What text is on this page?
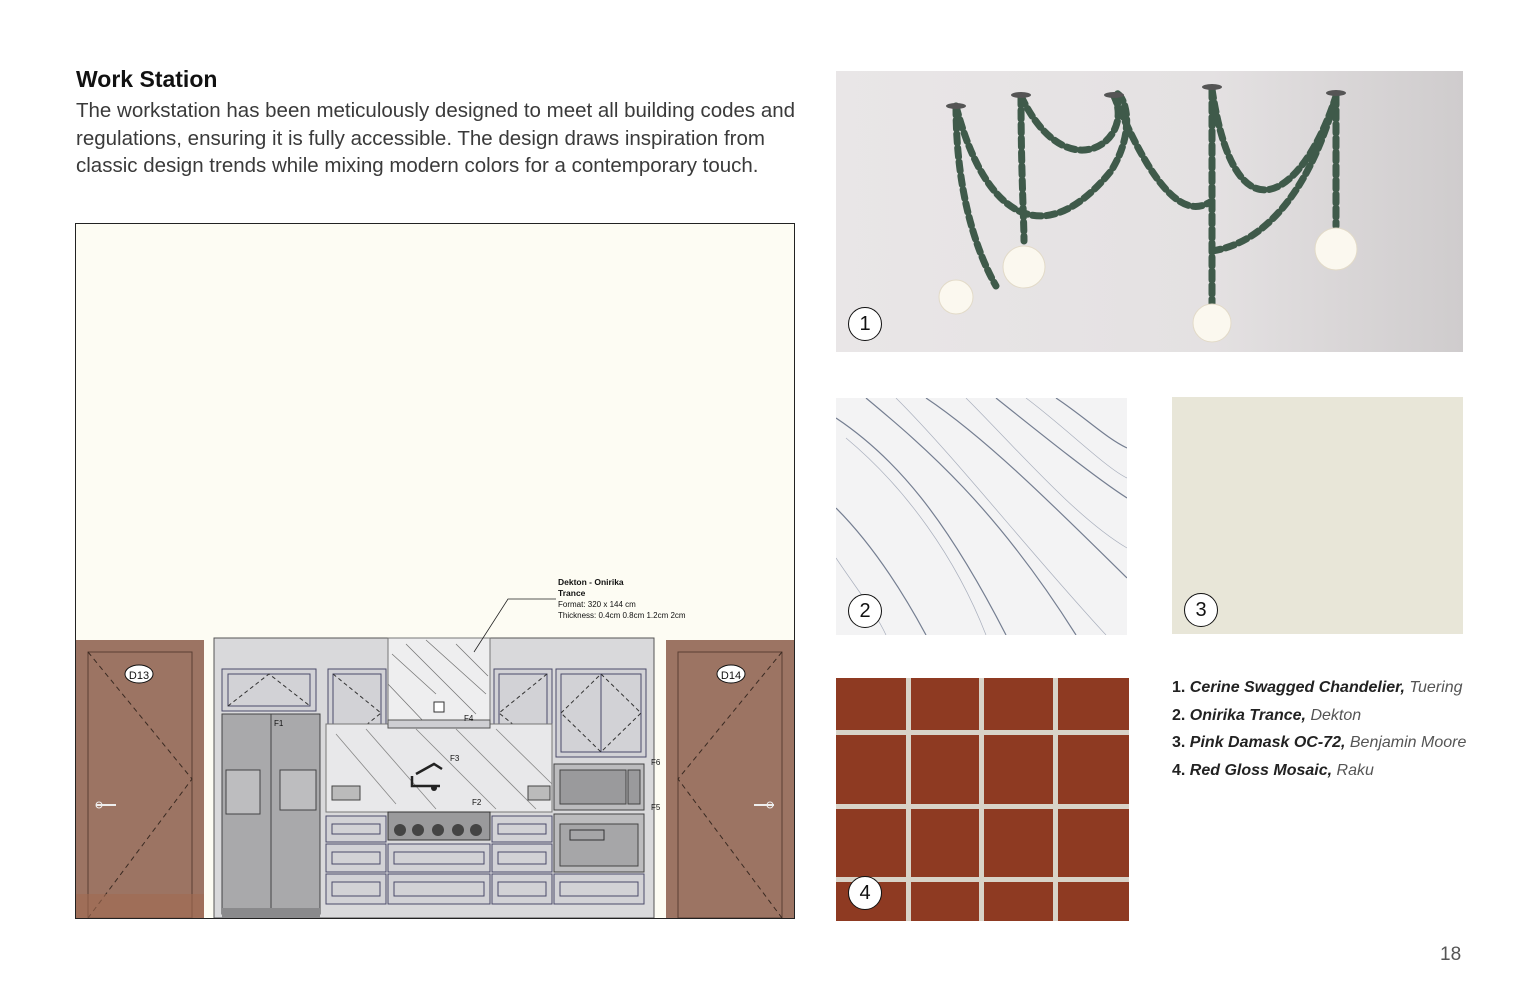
Work Station

The workstation has been meticulously designed to meet all building codes and regulations, ensuring it is fully accessible. The design draws inspiration from classic design trends while mixing modern colors for a contemporary touch.

D13	D14
F1
F2
F3
F4
F5
F6
Dekton - Onirika
Trance
Format: 320 x 144 cm
Thickness: 0.4cm 0.8cm 1.2cm 2cm
1
2	3
4
1. Cerine Swagged Chandelier, Tuering
2. Onirika Trance, Dekton
3. Pink Damask OC-72, Benjamin Moore
4. Red Gloss Mosaic, Raku
18
